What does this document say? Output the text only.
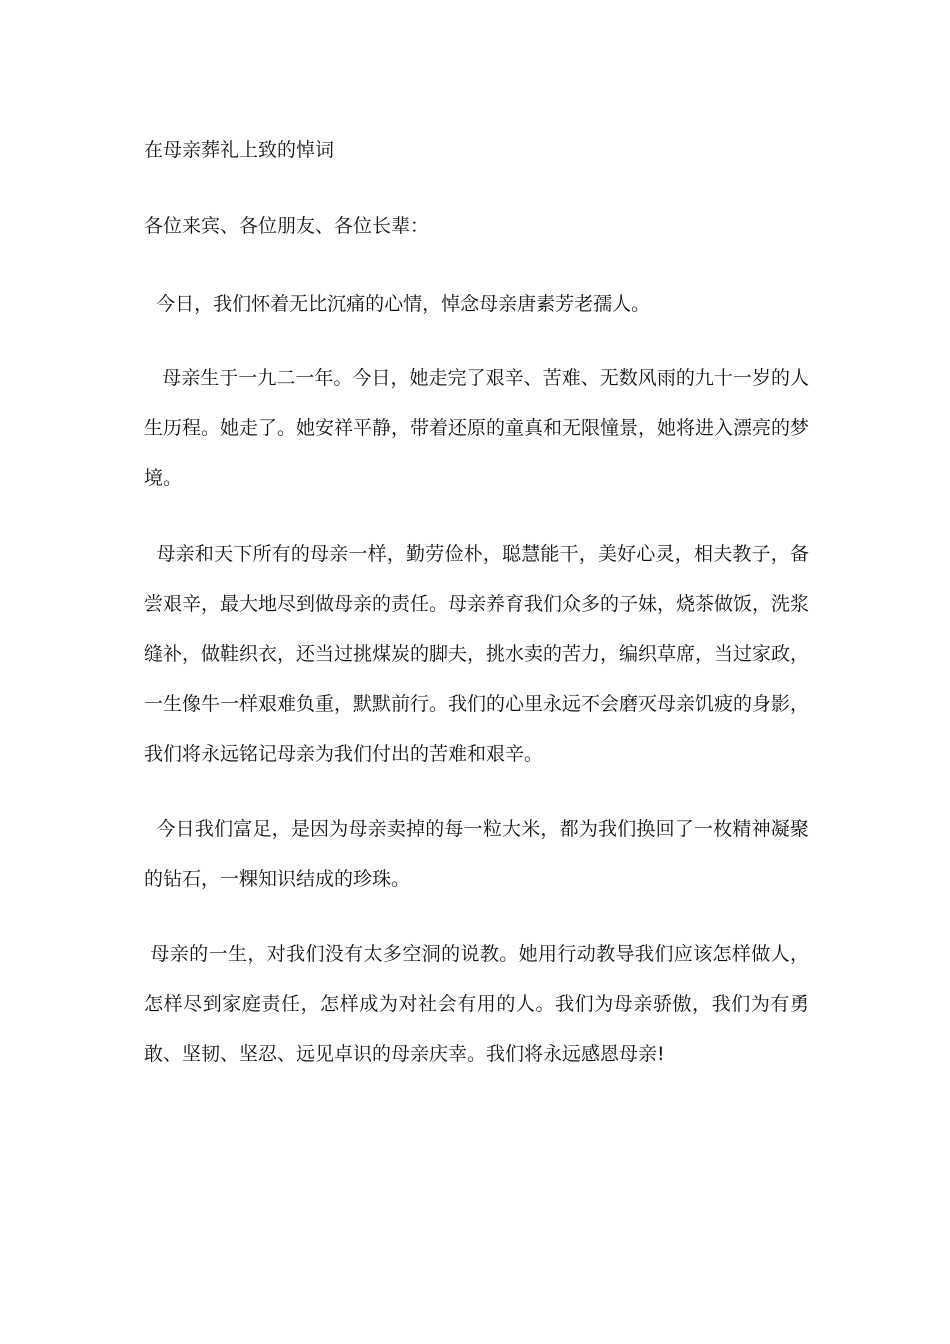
在母亲葬礼上致的悼词

各位来宾、各位朋友、各位长辈：

今日，我们怀着无比沉痛的心情，悼念母亲唐素芳老孺人。

母亲生于一九二一年。今日，她走完了艰辛、苦难、无数风雨的九十一岁的人生历程。她走了。她安祥平静，带着还原的童真和无限憧景，她将进入漂亮的梦境。

母亲和天下所有的母亲一样，勤劳俭朴，聪慧能干，美好心灵，相夫教子，备尝艰辛，最大地尽到做母亲的责任。母亲养育我们众多的子妹，烧茶做饭，洗浆缝补，做鞋织衣，还当过挑煤炭的脚夫，挑水卖的苦力，编织草席，当过家政，一生像牛一样艰难负重，默默前行。我们的心里永远不会磨灭母亲饥疲的身影，我们将永远铭记母亲为我们付出的苦难和艰辛。

今日我们富足，是因为母亲卖掉的每一粒大米，都为我们换回了一枚精神凝聚的钻石，一粿知识结成的珍珠。

母亲的一生，对我们没有太多空洞的说教。她用行动教导我们应该怎样做人，怎样尽到家庭责任，怎样成为对社会有用的人。我们为母亲骄傲，我们为有勇敢、坚韧、坚忍、远见卓识的母亲庆幸。我们将永远感恩母亲!
